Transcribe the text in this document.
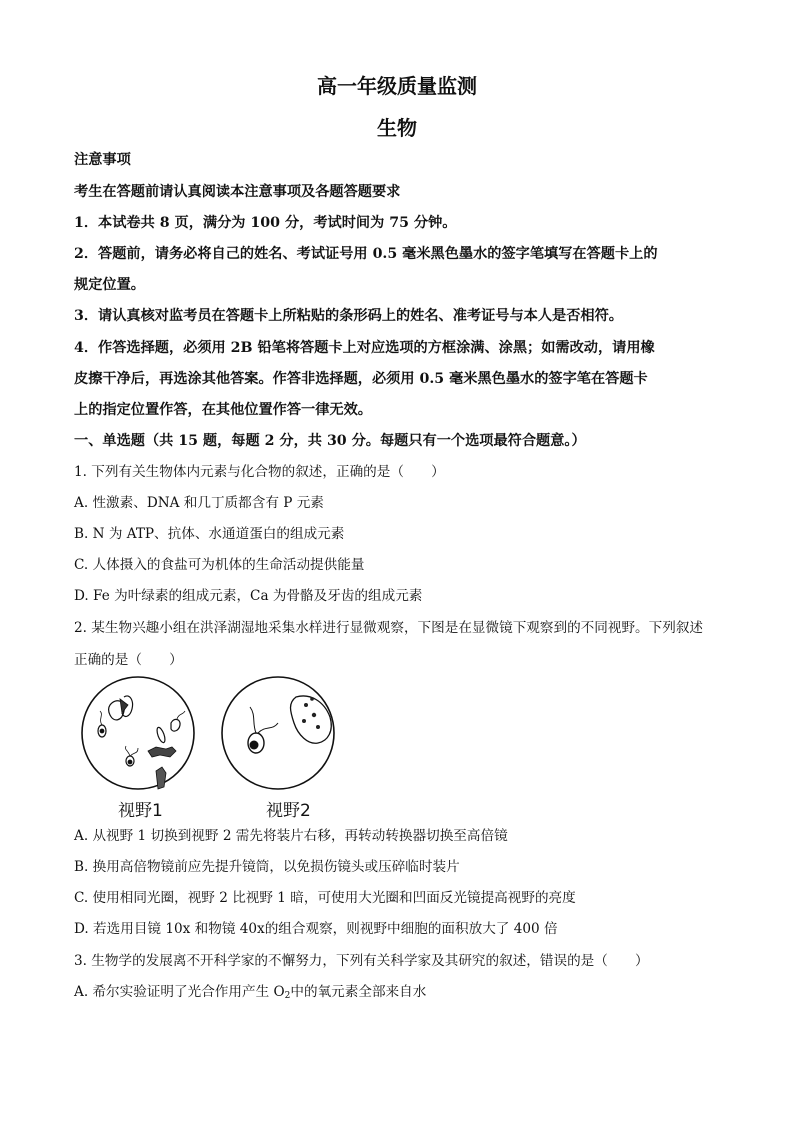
高一年级质量监测
生物
注意事项
考生在答题前请认真阅读本注意事项及各题答题要求
1．本试卷共 8 页，满分为 100 分，考试时间为 75 分钟。
2．答题前，请务必将自己的姓名、考试证号用 0.5 毫米黑色墨水的签字笔填写在答题卡上的
规定位置。
3．请认真核对监考员在答题卡上所粘贴的条形码上的姓名、准考证号与本人是否相符。
4．作答选择题，必须用 2B 铅笔将答题卡上对应选项的方框涂满、涂黑；如需改动，请用橡
皮擦干净后，再选涂其他答案。作答非选择题，必须用 0.5 毫米黑色墨水的签字笔在答题卡
上的指定位置作答，在其他位置作答一律无效。
一、单选题（共 15 题，每题 2 分，共 30 分。每题只有一个选项最符合题意。）
1. 下列有关生物体内元素与化合物的叙述，正确的是（　　）
A. 性激素、DNA 和几丁质都含有 P 元素
B. N 为 ATP、抗体、水通道蛋白的组成元素
C. 人体摄入的食盐可为机体的生命活动提供能量
D. Fe 为叶绿素的组成元素，Ca 为骨骼及牙齿的组成元素
2. 某生物兴趣小组在洪泽湖湿地采集水样进行显微观察，下图是在显微镜下观察到的不同视野。下列叙述
正确的是（　　）
视野1	视野2
A. 从视野 1 切换到视野 2 需先将装片右移，再转动转换器切换至高倍镜
B. 换用高倍物镜前应先提升镜筒，以免损伤镜头或压碎临时装片
C. 使用相同光圈，视野 2 比视野 1 暗，可使用大光圈和凹面反光镜提高视野的亮度
D. 若选用目镜 10x 和物镜 40x的组合观察，则视野中细胞的面积放大了 400 倍
3. 生物学的发展离不开科学家的不懈努力，下列有关科学家及其研究的叙述，错误的是（　　）
A. 希尔实验证明了光合作用产生 $O_2$中的氧元素全部来自水
